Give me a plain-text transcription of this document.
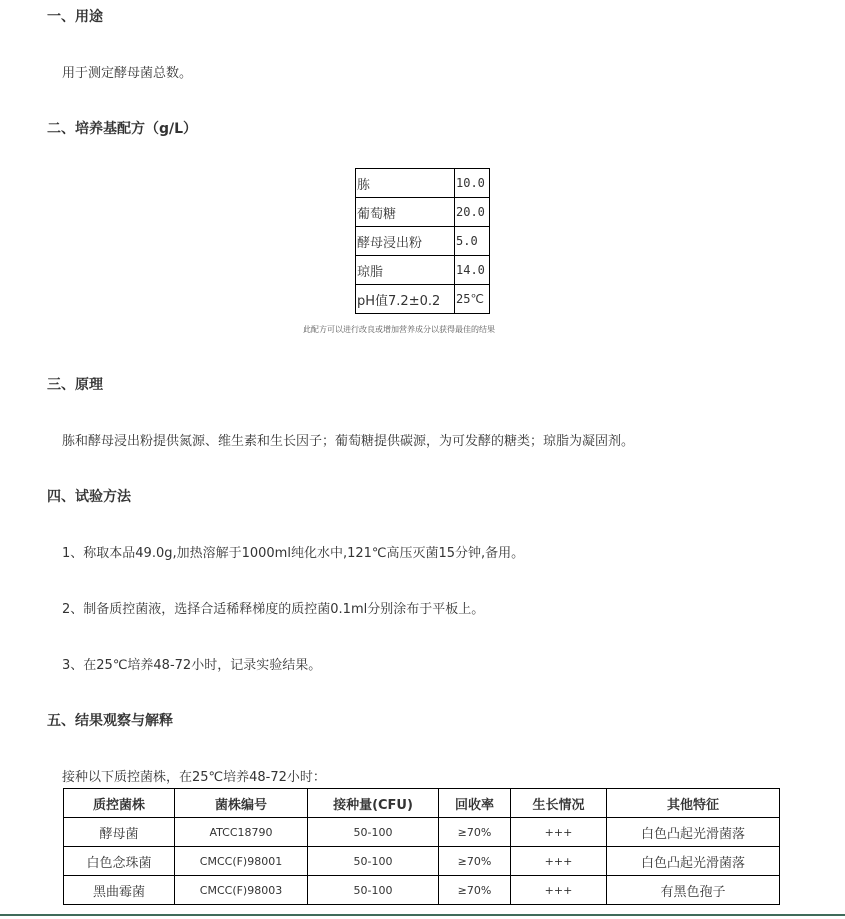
一、用途
用于测定酵母菌总数。
二、培养基配方（g/L）
胨	10.0
葡萄糖	20.0
酵母浸出粉	5.0
琼脂	14.0
pH值7.2±0.2	25℃
此配方可以进行改良或增加营养成分以获得最佳的结果
三、原理
胨和酵母浸出粉提供氮源、维生素和生长因子；葡萄糖提供碳源，为可发酵的糖类；琼脂为凝固剂。
四、试验方法
1、称取本品49.0g,加热溶解于1000ml纯化水中,121℃高压灭菌15分钟,备用。
2、制备质控菌液，选择合适稀释梯度的质控菌0.1ml分别涂布于平板上。
3、在25℃培养48-72小时，记录实验结果。
五、结果观察与解释
接种以下质控菌株，在25℃培养48-72小时：
质控菌株	菌株编号	接种量(CFU)	回收率	生长情况	其他特征
酵母菌	ATCC18790	50-100	≥70%	+++	白色凸起光滑菌落
白色念珠菌	CMCC(F)98001	50-100	≥70%	+++	白色凸起光滑菌落
黑曲霉菌	CMCC(F)98003	50-100	≥70%	+++	有黑色孢子
